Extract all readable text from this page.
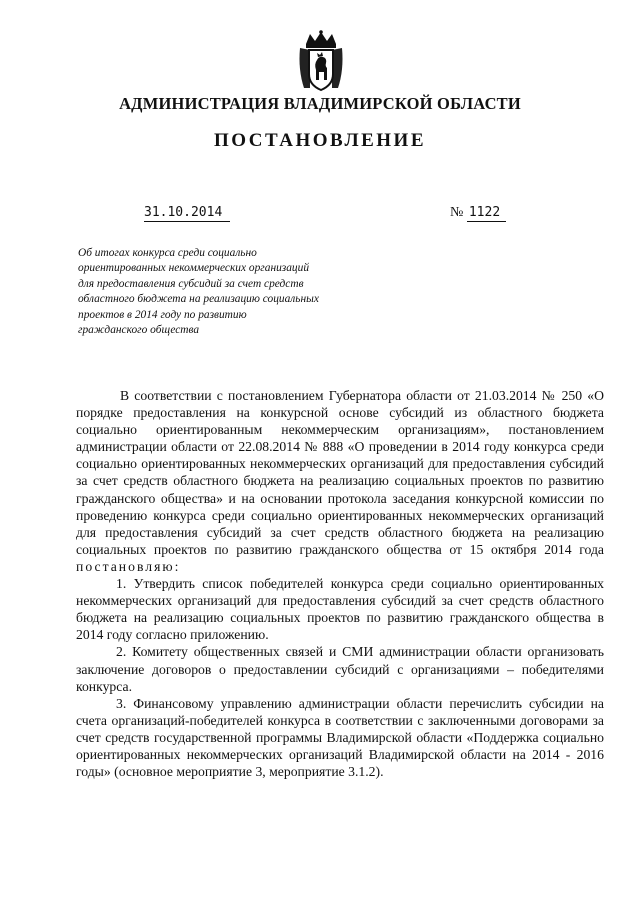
АДМИНИСТРАЦИЯ ВЛАДИМИРСКОЙ ОБЛАСТИ
ПОСТАНОВЛЕНИЕ
31.10.2014	№ 1122
Об итогах конкурса среди социально
ориентированных некоммерческих организаций
для предоставления субсидий за счет средств
областного бюджета на реализацию социальных
проектов в 2014 году по развитию
гражданского общества

В соответствии с постановлением Губернатора области от 21.03.2014 № 250 «О порядке предоставления на конкурсной основе субсидий из областного бюджета социально ориентированным некоммерческим организациям», постановлением администрации области от 22.08.2014 № 888 «О проведении в 2014 году конкурса среди социально ориентированных некоммерческих организаций для предоставления субсидий за счет средств областного бюджета на реализацию социальных проектов по развитию гражданского общества» и на основании протокола заседания конкурсной комиссии по проведению конкурса среди социально ориентированных некоммерческих организаций для предоставления субсидий за счет средств областного бюджета на реализацию социальных проектов по развитию гражданского общества от 15 октября 2014 года постановляю:

1. Утвердить список победителей конкурса среди социально ориентированных некоммерческих организаций для предоставления субсидий за счет средств областного бюджета на реализацию социальных проектов по развитию гражданского общества в 2014 году согласно приложению.

2. Комитету общественных связей и СМИ администрации области организовать заключение договоров о предоставлении субсидий с организациями – победителями конкурса.

3. Финансовому управлению администрации области перечислить субсидии на счета организаций-победителей конкурса в соответствии с заключенными договорами за счет средств государственной программы Владимирской области «Поддержка социально ориентированных некоммерческих организаций Владимирской области на 2014 - 2016 годы» (основное мероприятие 3, мероприятие 3.1.2).
